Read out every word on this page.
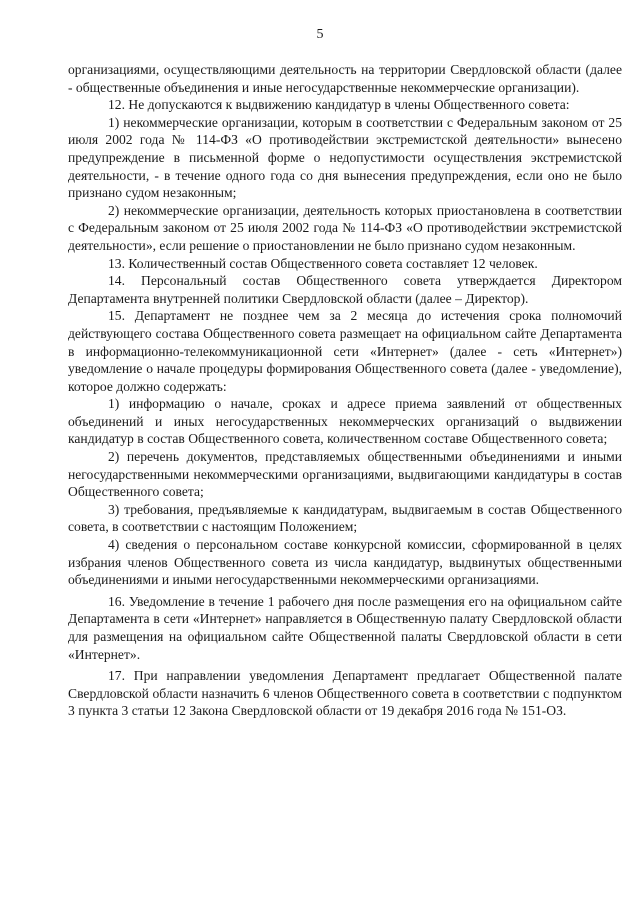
5

организациями, осуществляющими деятельность на территории Свердловской области (далее - общественные объединения и иные негосударственные некоммерческие организации).

12. Не допускаются к выдвижению кандидатур в члены Общественного совета:

1) некоммерческие организации, которым в соответствии с Федеральным законом от 25 июля 2002 года № 114-ФЗ «О противодействии экстремистской деятельности» вынесено предупреждение в письменной форме о недопустимости осуществления экстремистской деятельности, - в течение одного года со дня вынесения предупреждения, если оно не было признано судом незаконным;

2) некоммерческие организации, деятельность которых приостановлена в соответствии с Федеральным законом от 25 июля 2002 года № 114-ФЗ «О противодействии экстремистской деятельности», если решение о приостановлении не было признано судом незаконным.

13. Количественный состав Общественного совета составляет 12 человек.

14. Персональный состав Общественного совета утверждается Директором Департамента внутренней политики Свердловской области (далее – Директор).

15. Департамент не позднее чем за 2 месяца до истечения срока полномочий действующего состава Общественного совета размещает на официальном сайте Департамента в информационно-телекоммуникационной сети «Интернет» (далее - сеть «Интернет») уведомление о начале процедуры формирования Общественного совета (далее - уведомление), которое должно содержать:

1) информацию о начале, сроках и адресе приема заявлений от общественных объединений и иных негосударственных некоммерческих организаций о выдвижении кандидатур в состав Общественного совета, количественном составе Общественного совета;

2) перечень документов, представляемых общественными объединениями и иными негосударственными некоммерческими организациями, выдвигающими кандидатуры в состав Общественного совета;

3) требования, предъявляемые к кандидатурам, выдвигаемым в состав Общественного совета, в соответствии с настоящим Положением;

4) сведения о персональном составе конкурсной комиссии, сформированной в целях избрания членов Общественного совета из числа кандидатур, выдвинутых общественными объединениями и иными негосударственными некоммерческими организациями.

16. Уведомление в течение 1 рабочего дня после размещения его на официальном сайте Департамента в сети «Интернет» направляется в Общественную палату Свердловской области для размещения на официальном сайте Общественной палаты Свердловской области в сети «Интернет».

17. При направлении уведомления Департамент предлагает Общественной палате Свердловской области назначить 6 членов Общественного совета в соответствии с подпунктом 3 пункта 3 статьи 12 Закона Свердловской области от 19 декабря 2016 года № 151-ОЗ.
